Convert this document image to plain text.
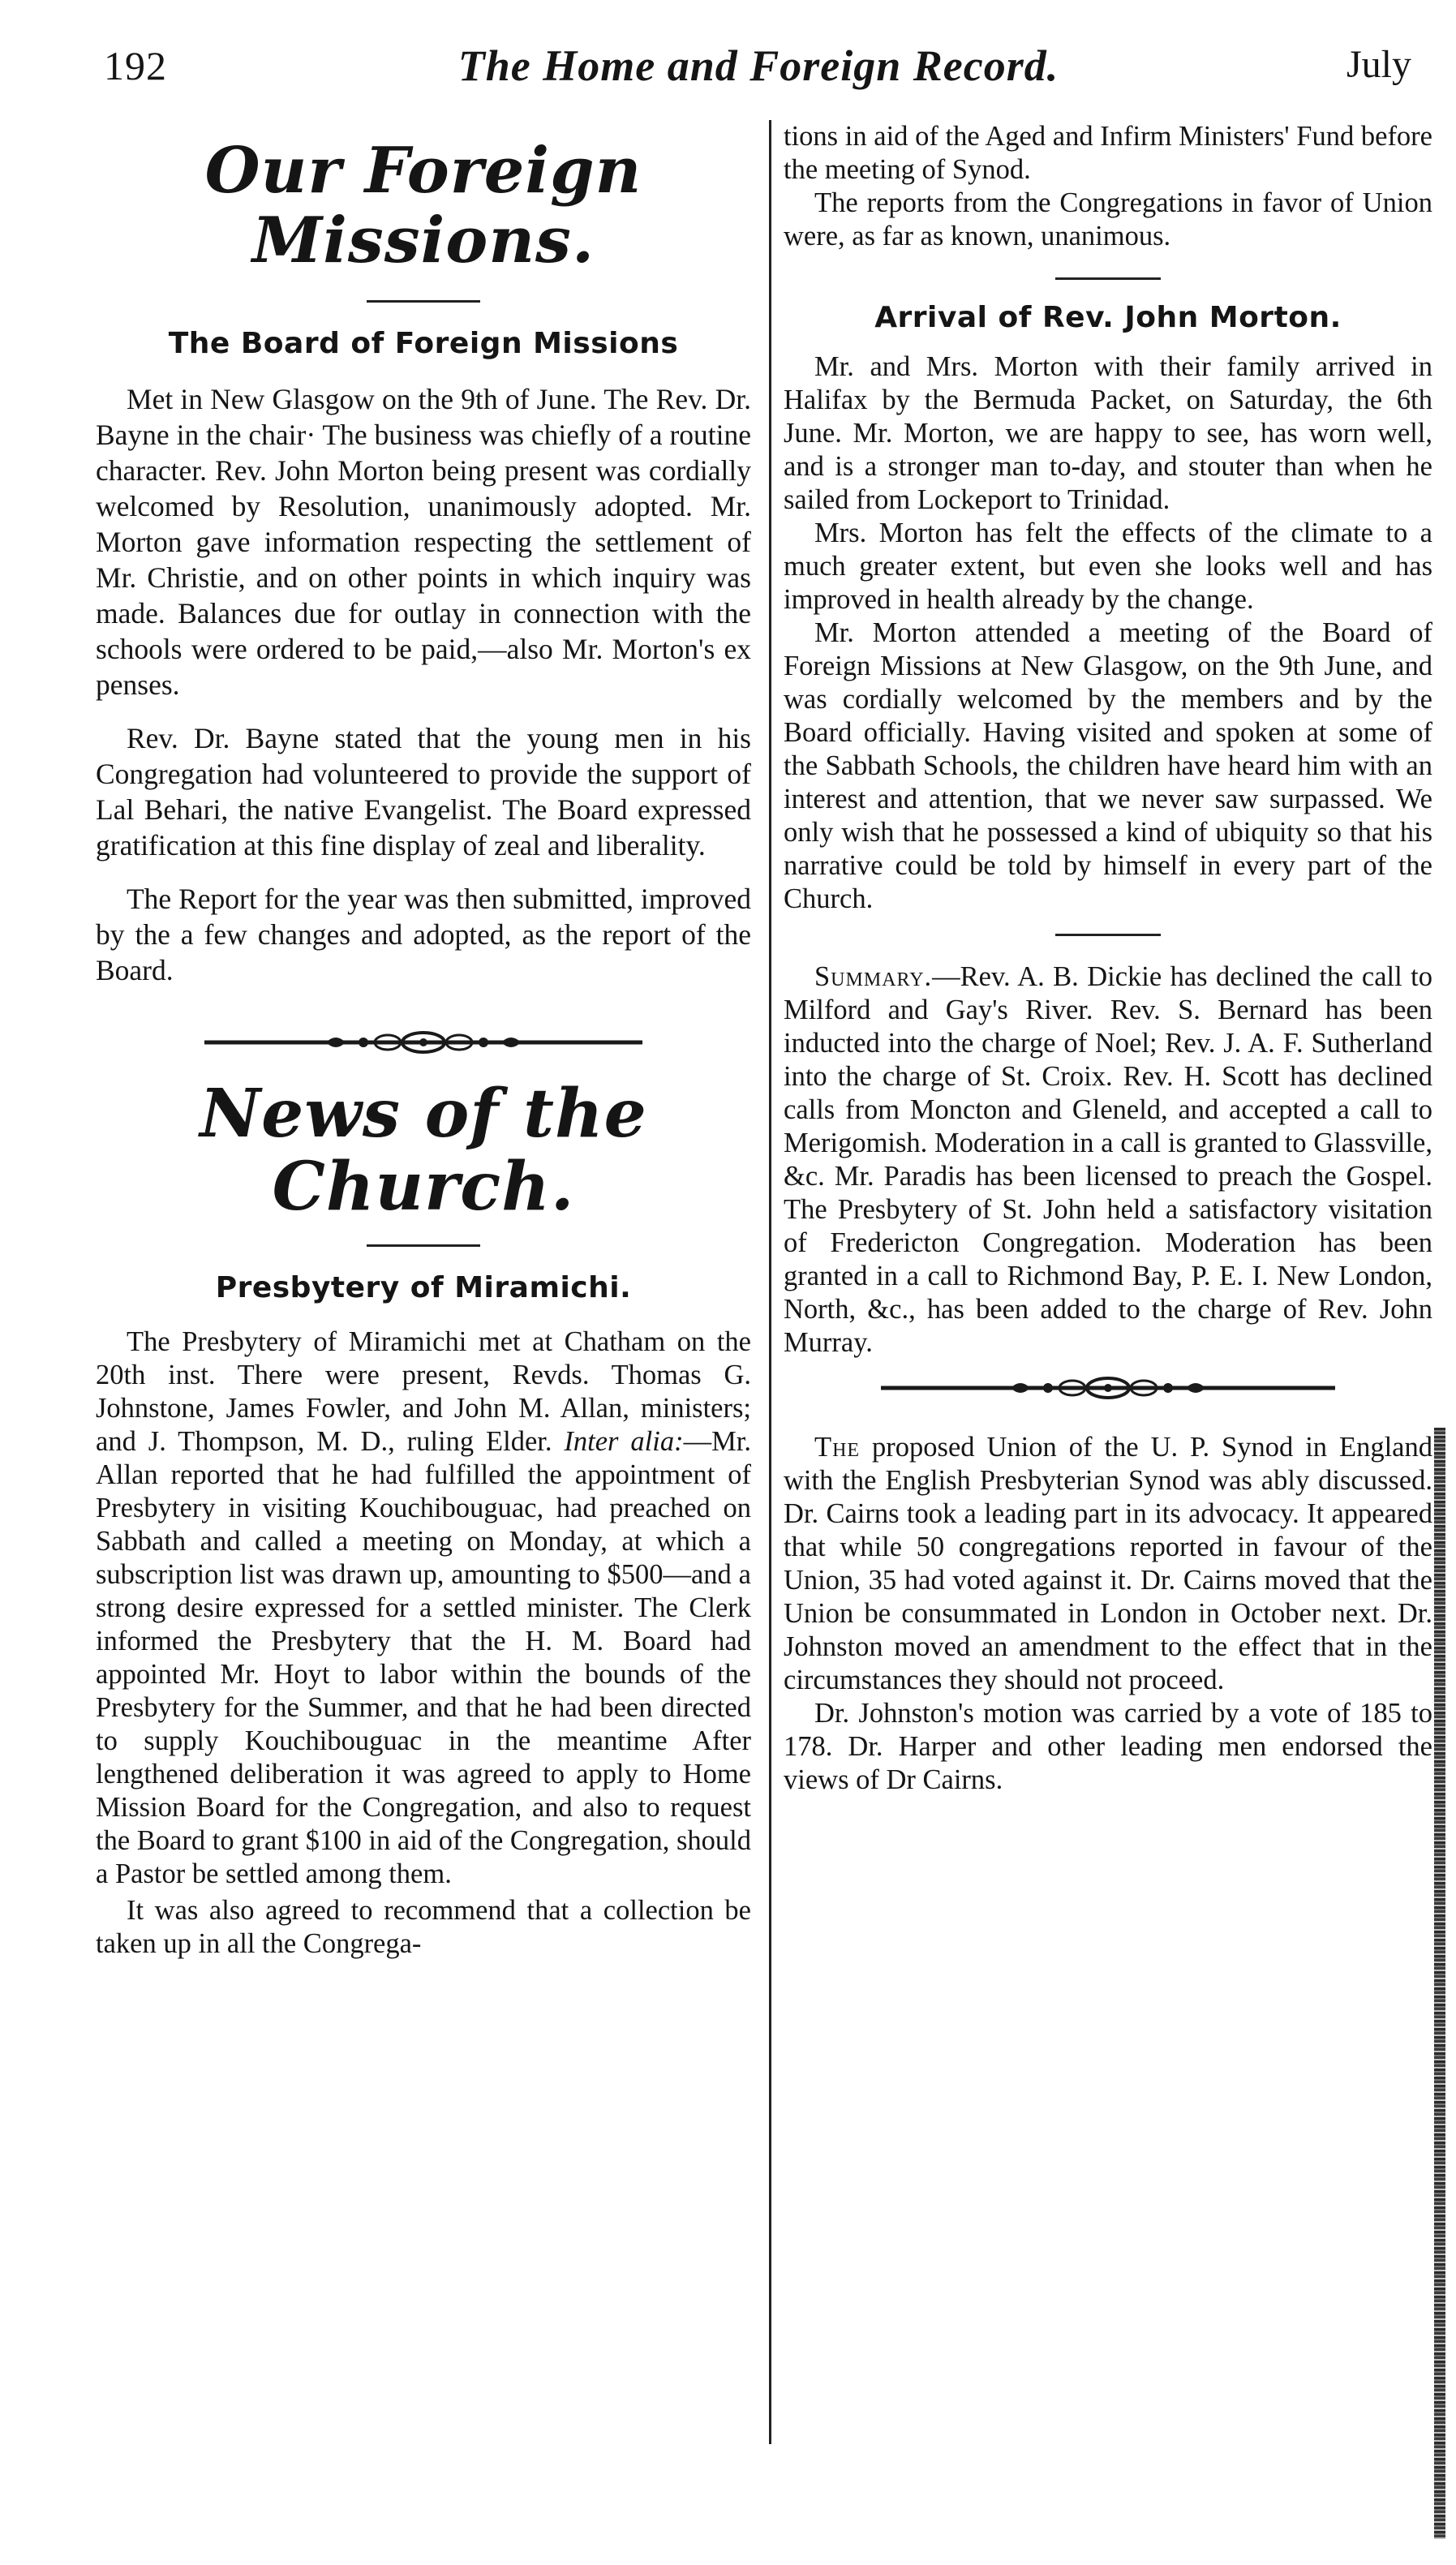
192	The Home and Foreign Record.	July
Our Foreign Missions.
The Board of Foreign Missions

Met in New Glasgow on the 9th of June. The Rev. Dr. Bayne in the chair· The business was chiefly of a routine character. Rev. John Morton being present was cordially welcomed by Resolution, unanimously adopted. Mr. Morton gave information respecting the settlement of Mr. Christie, and on other points in which inquiry was made. Balances due for outlay in connection with the schools were ordered to be paid,—also Mr. Morton's ex penses.

Rev. Dr. Bayne stated that the young men in his Congregation had volunteered to provide the support of Lal Behari, the native Evangelist. The Board expressed gratification at this fine display of zeal and liberality.

The Report for the year was then submitted, improved by the a few changes and adopted, as the report of the Board.

News of the Church.
Presbytery of Miramichi.

The Presbytery of Miramichi met at Chatham on the 20th inst. There were present, Revds. Thomas G. Johnstone, James Fowler, and John M. Allan, ministers; and J. Thompson, M. D., ruling Elder. Inter alia:—Mr. Allan reported that he had fulfilled the appointment of Presbytery in visiting Kouchibouguac, had preached on Sabbath and called a meeting on Monday, at which a subscription list was drawn up, amounting to $500—and a strong desire expressed for a settled minister. The Clerk informed the Presbytery that the H. M. Board had appointed Mr. Hoyt to labor within the bounds of the Presbytery for the Summer, and that he had been directed to supply Kouchibouguac in the meantime After lengthened deliberation it was agreed to apply to Home Mission Board for the Congregation, and also to request the Board to grant $100 in aid of the Congregation, should a Pastor be settled among them.

It was also agreed to recommend that a collection be taken up in all the Congrega-

tions in aid of the Aged and Infirm Ministers' Fund before the meeting of Synod.

The reports from the Congregations in favor of Union were, as far as known, unanimous.

Arrival of Rev. John Morton.

Mr. and Mrs. Morton with their family arrived in Halifax by the Bermuda Packet, on Saturday, the 6th June. Mr. Morton, we are happy to see, has worn well, and is a stronger man to-day, and stouter than when he sailed from Lockeport to Trinidad.

Mrs. Morton has felt the effects of the climate to a much greater extent, but even she looks well and has improved in health already by the change.

Mr. Morton attended a meeting of the Board of Foreign Missions at New Glasgow, on the 9th June, and was cordially welcomed by the members and by the Board officially. Having visited and spoken at some of the Sabbath Schools, the children have heard him with an interest and attention, that we never saw surpassed. We only wish that he possessed a kind of ubiquity so that his narrative could be told by himself in every part of the Church.

Summary.—Rev. A. B. Dickie has declined the call to Milford and Gay's River. Rev. S. Bernard has been inducted into the charge of Noel; Rev. J. A. F. Sutherland into the charge of St. Croix. Rev. H. Scott has declined calls from Moncton and Gleneld, and accepted a call to Merigomish. Moderation in a call is granted to Glassville, &c. Mr. Paradis has been licensed to preach the Gospel. The Presbytery of St. John held a satisfactory visitation of Fredericton Congregation. Moderation has been granted in a call to Richmond Bay, P. E. I. New London, North, &c., has been added to the charge of Rev. John Murray.

The proposed Union of the U. P. Synod in England with the English Presbyterian Synod was ably discussed. Dr. Cairns took a leading part in its advocacy. It appeared that while 50 congregations reported in favour of the Union, 35 had voted against it. Dr. Cairns moved that the Union be consummated in London in October next. Dr. Johnston moved an amendment to the effect that in the circumstances they should not proceed.

Dr. Johnston's motion was carried by a vote of 185 to 178. Dr. Harper and other leading men endorsed the views of Dr Cairns.
